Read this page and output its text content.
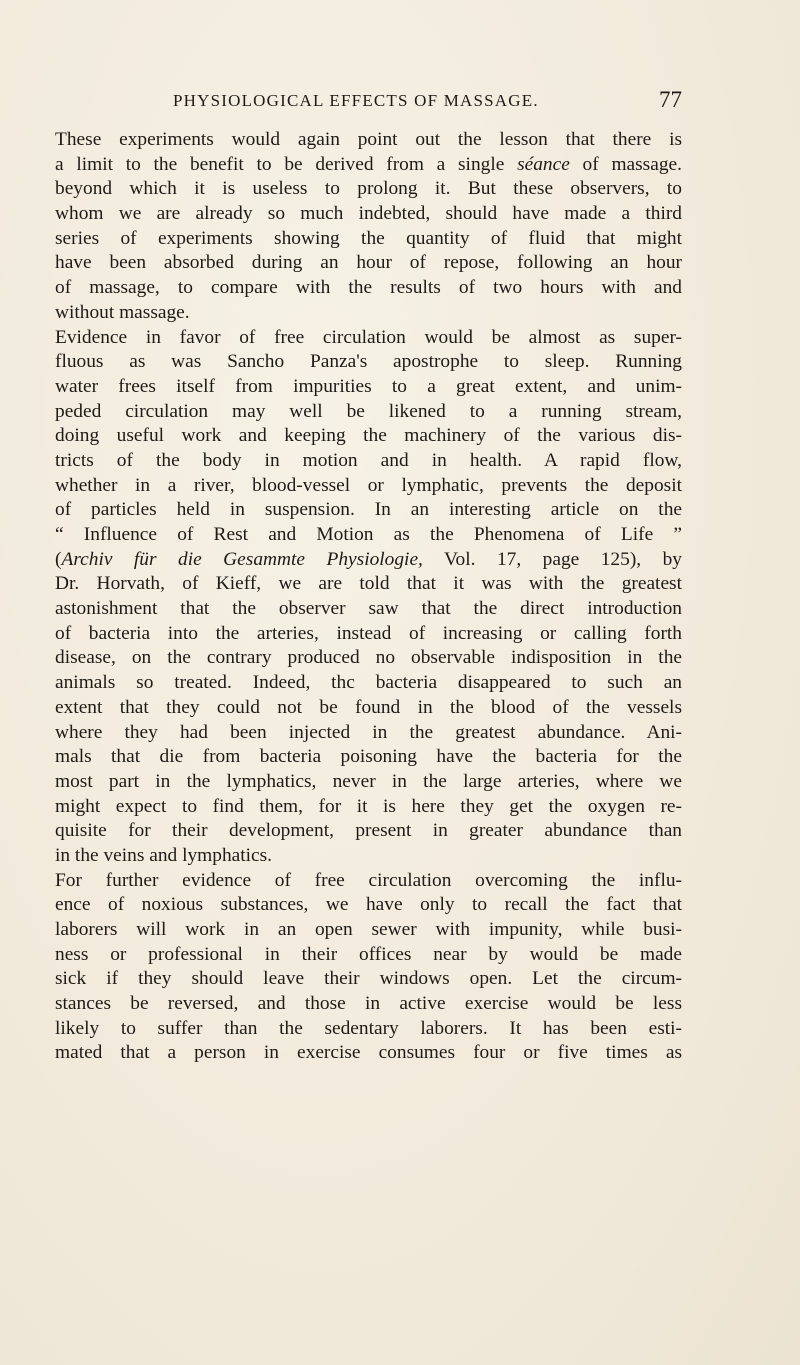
PHYSIOLOGICAL EFFECTS OF MASSAGE.	77
These experiments would again point out the lesson that there is
a limit to the benefit to be derived from a single séance of massage.
beyond which it is useless to prolong it. But these observers, to
whom we are already so much indebted, should have made a third
series of experiments showing the quantity of fluid that might
have been absorbed during an hour of repose, following an hour
of massage, to compare with the results of two hours with and
without massage.
Evidence in favor of free circulation would be almost as super-
fluous as was Sancho Panza's apostrophe to sleep. Running
water frees itself from impurities to a great extent, and unim-
peded circulation may well be likened to a running stream,
doing useful work and keeping the machinery of the various dis-
tricts of the body in motion and in health. A rapid flow,
whether in a river, blood-vessel or lymphatic, prevents the deposit
of particles held in suspension. In an interesting article on the
“ Influence of Rest and Motion as the Phenomena of Life ”
(Archiv für die Gesammte Physiologie, Vol. 17, page 125), by
Dr. Horvath, of Kieff, we are told that it was with the greatest
astonishment that the observer saw that the direct introduction
of bacteria into the arteries, instead of increasing or calling forth
disease, on the contrary produced no observable indisposition in the
animals so treated. Indeed, thc bacteria disappeared to such an
extent that they could not be found in the blood of the vessels
where they had been injected in the greatest abundance. Ani-
mals that die from bacteria poisoning have the bacteria for the
most part in the lymphatics, never in the large arteries, where we
might expect to find them, for it is here they get the oxygen re-
quisite for their development, present in greater abundance than
in the veins and lymphatics.
For further evidence of free circulation overcoming the influ-
ence of noxious substances, we have only to recall the fact that
laborers will work in an open sewer with impunity, while busi-
ness or professional in their offices near by would be made
sick if they should leave their windows open. Let the circum-
stances be reversed, and those in active exercise would be less
likely to suffer than the sedentary laborers. It has been esti-
mated that a person in exercise consumes four or five times as
